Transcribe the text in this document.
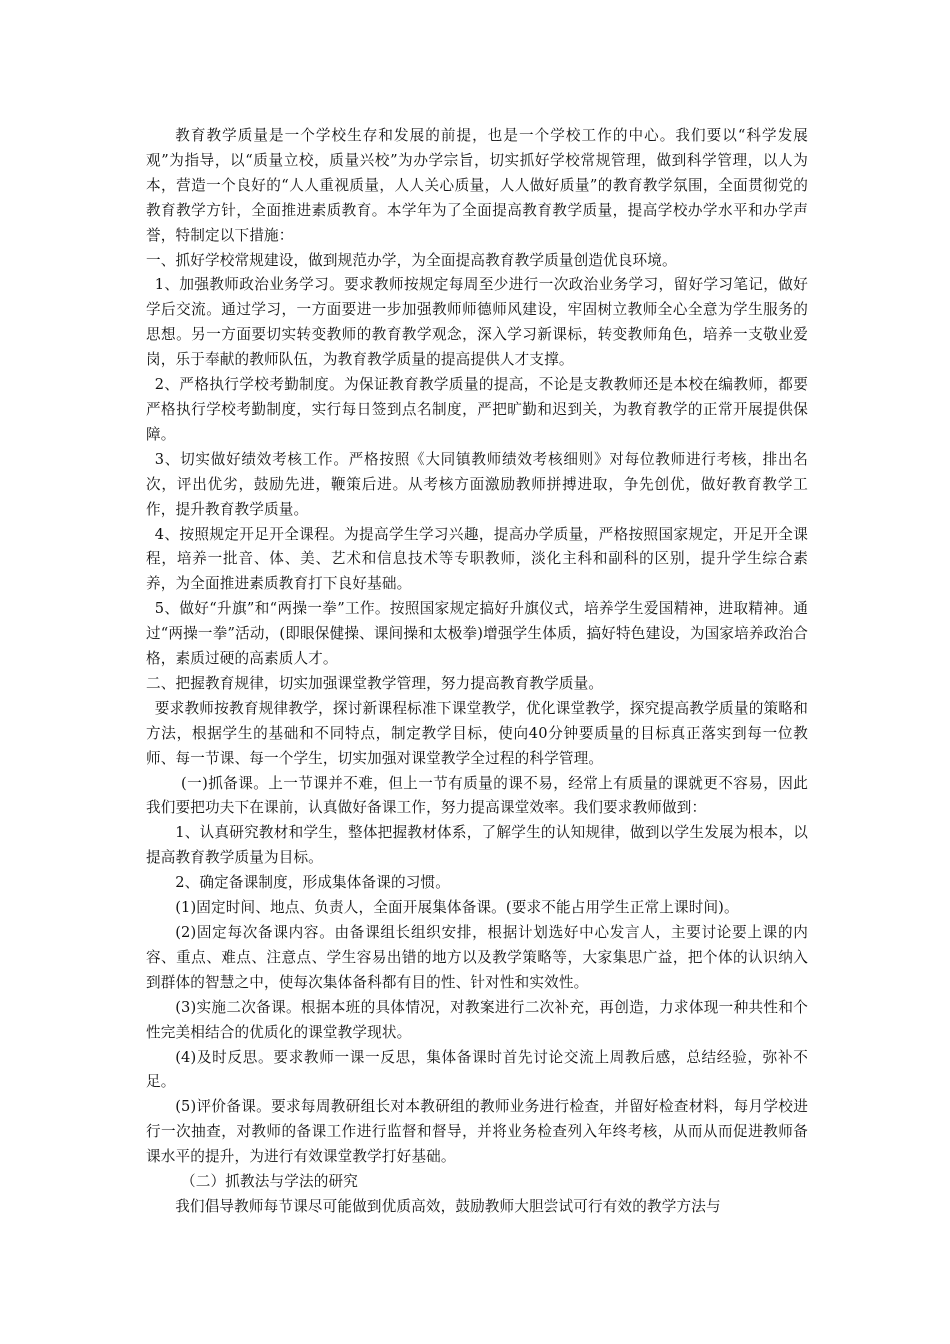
教育教学质量是一个学校生存和发展的前提，也是一个学校工作的中心。我们要以“科学发展观”为指导，以“质量立校，质量兴校”为办学宗旨，切实抓好学校常规管理，做到科学管理，以人为本，营造一个良好的“人人重视质量，人人关心质量，人人做好质量”的教育教学氛围，全面贯彻党的教育教学方针，全面推进素质教育。本学年为了全面提高教育教学质量，提高学校办学水平和办学声誉，特制定以下措施：

一、抓好学校常规建设，做到规范办学，为全面提高教育教学质量创造优良环境。

1、加强教师政治业务学习。要求教师按规定每周至少进行一次政治业务学习，留好学习笔记，做好学后交流。通过学习，一方面要进一步加强教师师德师风建设，牢固树立教师全心全意为学生服务的思想。另一方面要切实转变教师的教育教学观念，深入学习新课标，转变教师角色，培养一支敬业爱岗，乐于奉献的教师队伍，为教育教学质量的提高提供人才支撑。

2、严格执行学校考勤制度。为保证教育教学质量的提高，不论是支教教师还是本校在编教师，都要严格执行学校考勤制度，实行每日签到点名制度，严把旷勤和迟到关，为教育教学的正常开展提供保障。

3、切实做好绩效考核工作。严格按照《大同镇教师绩效考核细则》对每位教师进行考核，排出名次，评出优劣，鼓励先进，鞭策后进。从考核方面激励教师拼搏进取，争先创优，做好教育教学工作，提升教育教学质量。

4、按照规定开足开全课程。为提高学生学习兴趣，提高办学质量，严格按照国家规定，开足开全课程，培养一批音、体、美、艺术和信息技术等专职教师，淡化主科和副科的区别，提升学生综合素养，为全面推进素质教育打下良好基础。

5、做好“升旗”和“两操一拳”工作。按照国家规定搞好升旗仪式，培养学生爱国精神，进取精神。通过“两操一拳”活动，(即眼保健操、课间操和太极拳)增强学生体质，搞好特色建设，为国家培养政治合格，素质过硬的高素质人才。

二、把握教育规律，切实加强课堂教学管理，努力提高教育教学质量。

要求教师按教育规律教学，探讨新课程标准下课堂教学，优化课堂教学，探究提高教学质量的策略和方法，根据学生的基础和不同特点，制定教学目标，使向40分钟要质量的目标真正落实到每一位教师、每一节课、每一个学生，切实加强对课堂教学全过程的科学管理。

(一)抓备课。上一节课并不难，但上一节有质量的课不易，经常上有质量的课就更不容易，因此我们要把功夫下在课前，认真做好备课工作，努力提高课堂效率。我们要求教师做到：

1、认真研究教材和学生，整体把握教材体系，了解学生的认知规律，做到以学生发展为根本，以提高教育教学质量为目标。

2、确定备课制度，形成集体备课的习惯。

(1)固定时间、地点、负责人，全面开展集体备课。(要求不能占用学生正常上课时间)。

(2)固定每次备课内容。由备课组长组织安排，根据计划选好中心发言人，主要讨论要上课的内容、重点、难点、注意点、学生容易出错的地方以及教学策略等，大家集思广益，把个体的认识纳入到群体的智慧之中，使每次集体备科都有目的性、针对性和实效性。

(3)实施二次备课。根据本班的具体情况，对教案进行二次补充，再创造，力求体现一种共性和个性完美相结合的优质化的课堂教学现状。

(4)及时反思。要求教师一课一反思，集体备课时首先讨论交流上周教后感，总结经验，弥补不足。

(5)评价备课。要求每周教研组长对本教研组的教师业务进行检查，并留好检查材料，每月学校进行一次抽查，对教师的备课工作进行监督和督导，并将业务检查列入年终考核，从而从而促进教师备课水平的提升，为进行有效课堂教学打好基础。

（二）抓教法与学法的研究

我们倡导教师每节课尽可能做到优质高效，鼓励教师大胆尝试可行有效的教学方法与
